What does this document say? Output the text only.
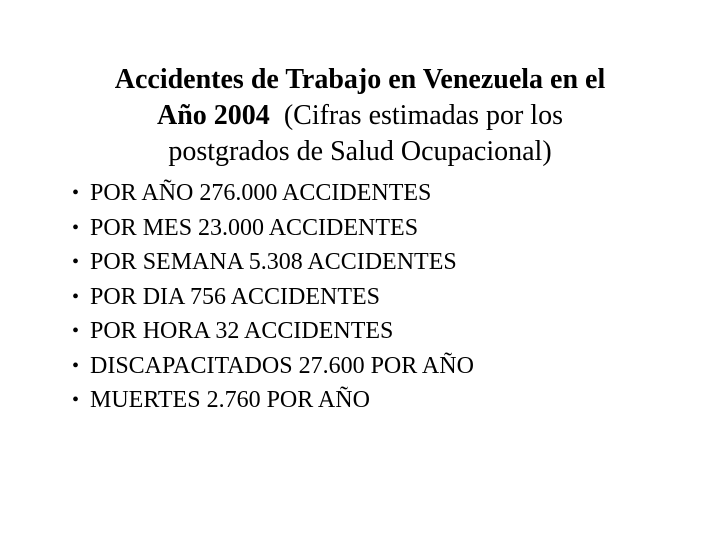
Accidentes de Trabajo en Venezuela en el
Año 2004 (Cifras estimadas por los
postgrados de Salud Ocupacional)
• POR AÑO 276.000 ACCIDENTES
• POR MES 23.000 ACCIDENTES
• POR SEMANA 5.308 ACCIDENTES
• POR DIA 756 ACCIDENTES
• POR HORA 32 ACCIDENTES
• DISCAPACITADOS 27.600 POR AÑO
• MUERTES 2.760 POR AÑO
